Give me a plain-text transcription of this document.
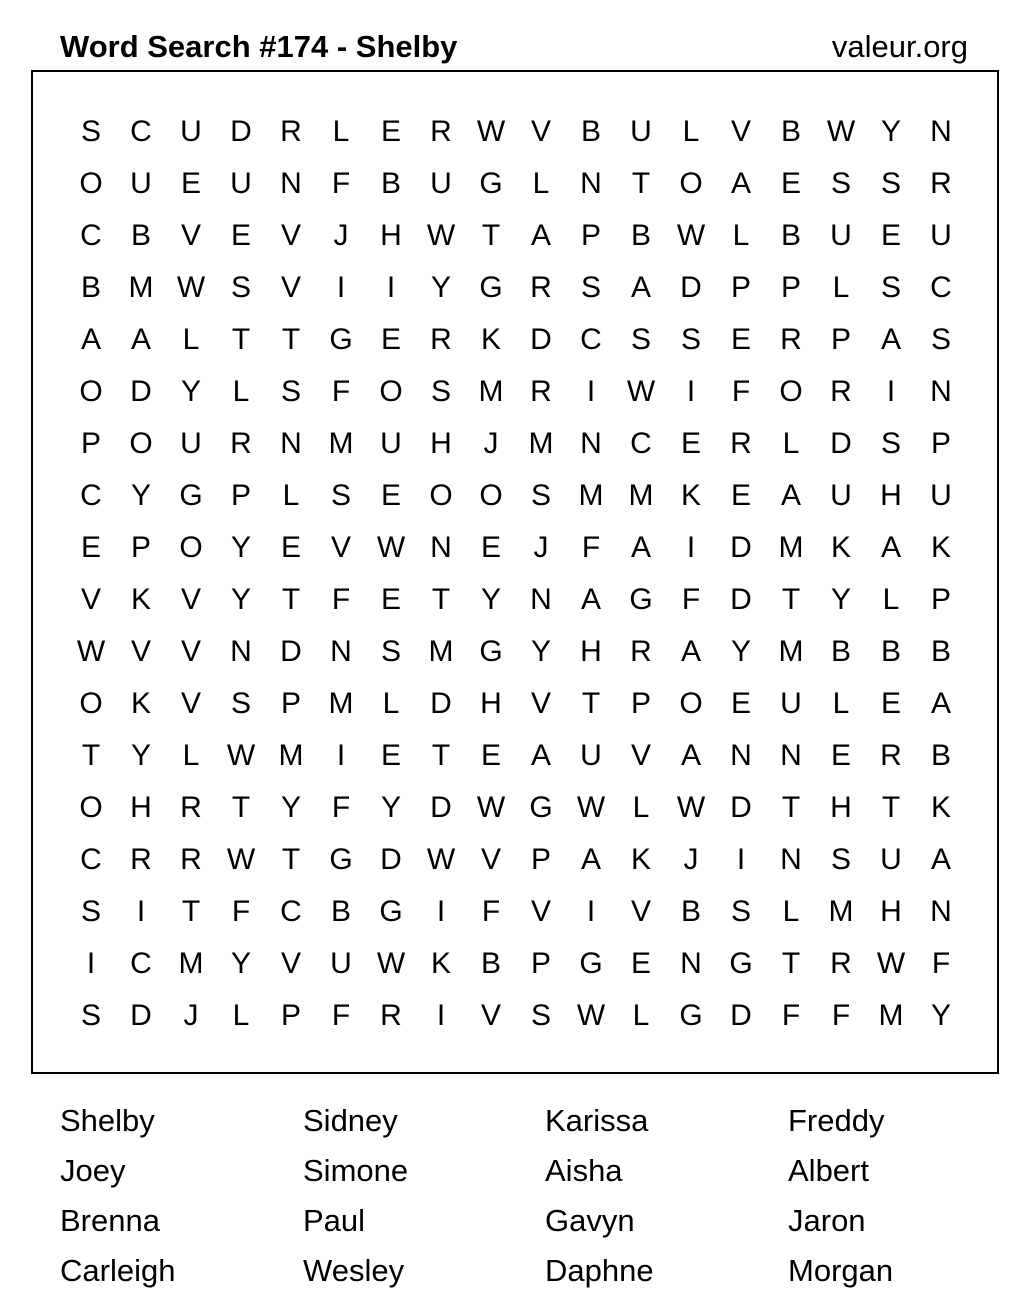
Word Search #174 - Shelby	valeur.org
S C U D R	L	E R W V B U	L	V B W Y N
O U E U N	F	B U G L	N	T O A E S S R
C B V E V	J	H W T	A P B W L	B U E U
B M W S V	I	I	Y G R S A D P P	L	S C
A A	L	T	T G E R K D C S S E R P A S
O D Y	L	S	F O S M R	I	W	I	F O R	I	N
P O U R N M U H	J	M N C E R	L	D S P
C Y G P	L	S E O O S M M K E A U H U
E P O Y E V W N E	J	F	A	I	D M K A K
V K V Y	T	F	E	T	Y N A G F	D	T	Y	L	P
W V V N D N S M G Y H R A Y M B B B
O K V S P M L	D H V	T	P O E U	L	E A
T	Y	L W M	I	E	T	E A U V A N N E R B
O H R	T	Y	F	Y D W G W L W D	T	H	T	K
C R R W T G D W V P A K	J	I	N S U A
S	I	T	F	C B G	I	F	V	I	V B S	L M H N
I	C M Y V U W K B P G E N G T	R W F
S D	J	L	P	F	R	I	V S W L G D	F	F M Y
Shelby	Sidney	Karissa	Freddy
Joey	Simone	Aisha	Albert
Brenna	Paul	Gavyn	Jaron
Carleigh	Wesley	Daphne	Morgan
